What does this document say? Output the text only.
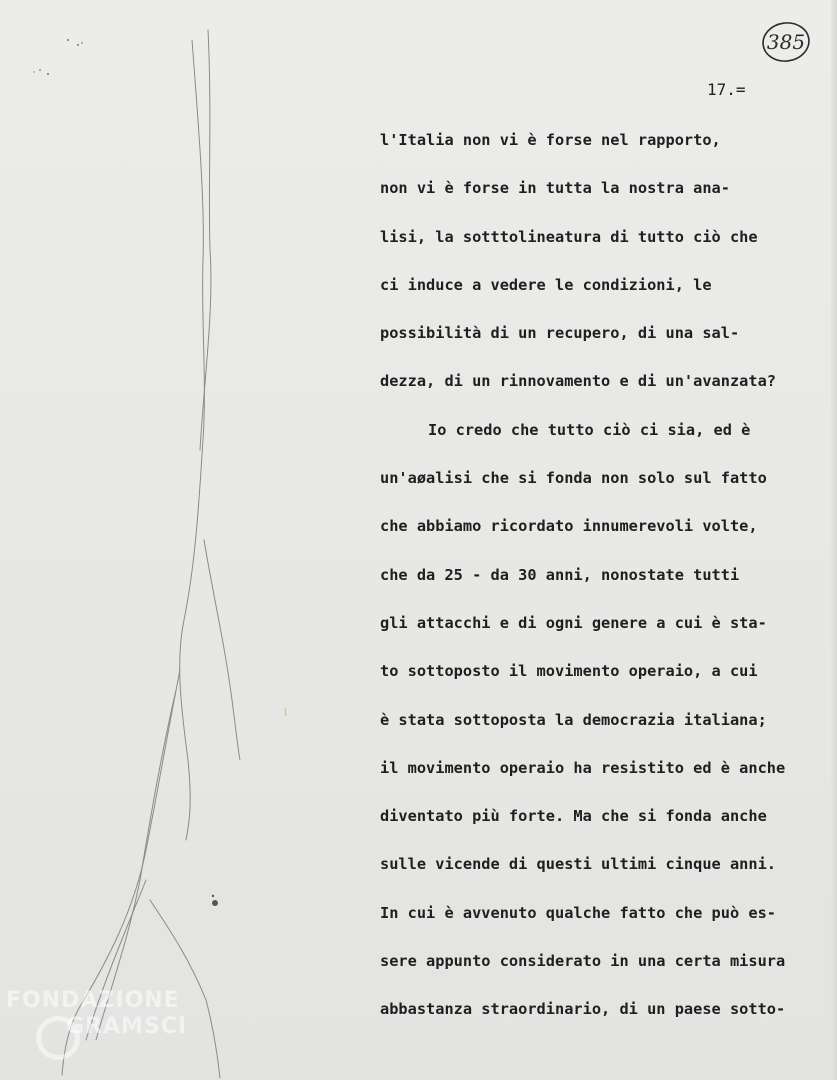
385
17.=
l'Italia non vi è forse nel rapporto,
non vi è forse in tutta la nostra ana-
lisi, la sotttolineatura di tutto ciò che
ci induce a vedere le condizioni, le
possibilità di un recupero, di una sal-
dezza, di un rinnovamento e di un'avanzata?
Io credo che tutto ciò ci sia, ed è
un'aøalisi che si fonda non solo sul fatto
che abbiamo ricordato innumerevoli volte,
che da 25 - da 30 anni, nonostate tutti
gli attacchi e di ogni genere a cui è sta-
to sottoposto il movimento operaio, a cui
è stata sottoposta la democrazia italiana;
il movimento operaio ha resistito ed è anche
diventato più forte. Ma che si fonda anche
sulle vicende di questi ultimi cinque anni.
In cui è avvenuto qualche fatto che può es-
sere appunto considerato in una certa misura
abbastanza straordinario, di un paese sotto-
FONDAZIONE
GRAMSCI
